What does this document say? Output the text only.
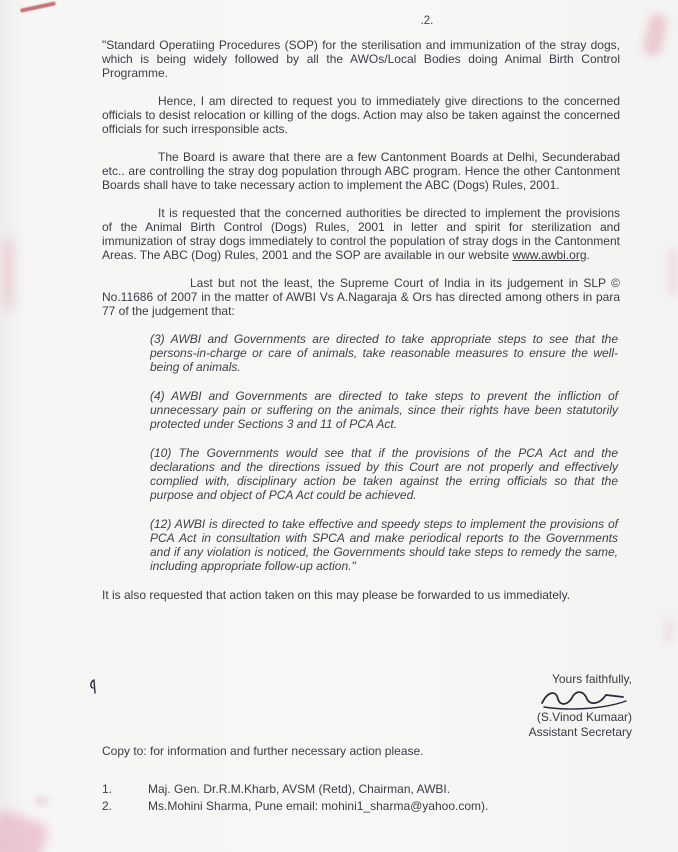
.2.

"Standard Operatiing Procedures (SOP) for the sterilisation and immunization of the stray dogs, which is being widely followed by all the AWOs/Local Bodies doing Animal Birth Control Programme.

Hence, I am directed to request you to immediately give directions to the concerned officials to desist relocation or killing of the dogs. Action may also be taken against the concerned officials for such irresponsible acts.

The Board is aware that there are a few Cantonment Boards at Delhi, Secunderabad etc.. are controlling the stray dog population through ABC program. Hence the other Cantonment Boards shall have to take necessary action to implement the ABC (Dogs) Rules, 2001.

It is requested that the concerned authorities be directed to implement the provisions of the Animal Birth Control (Dogs) Rules, 2001 in letter and spirit for sterilization and immunization of stray dogs immediately to control the population of stray dogs in the Cantonment Areas. The ABC (Dog) Rules, 2001 and the SOP are available in our website www.awbi.org.

Last but not the least, the Supreme Court of India in its judgement in SLP © No.11686 of 2007 in the matter of AWBI Vs A.Nagaraja & Ors has directed among others in para 77 of the judgement that:

(3) AWBI and Governments are directed to take appropriate steps to see that the persons-in-charge or care of animals, take reasonable measures to ensure the well-being of animals.
(4) AWBI and Governments are directed to take steps to prevent the infliction of unnecessary pain or suffering on the animals, since their rights have been statutorily protected under Sections 3 and 11 of PCA Act.
(10) The Governments would see that if the provisions of the PCA Act and the declarations and the directions issued by this Court are not properly and effectively complied with, disciplinary action be taken against the erring officials so that the purpose and object of PCA Act could be achieved.
(12) AWBI is directed to take effective and speedy steps to implement the provisions of PCA Act in consultation with SPCA and make periodical reports to the Governments and if any violation is noticed, the Governments should take steps to remedy the same, including appropriate follow-up action."

It is also requested that action taken on this may please be forwarded to us immediately.

Yours faithfully,
(S.Vinod Kumaar)
Assistant Secretary
Copy to: for information and further necessary action please.
1.	Maj. Gen. Dr.R.M.Kharb, AVSM (Retd), Chairman, AWBI.
2.	Ms.Mohini Sharma, Pune email: mohini1_sharma@yahoo.com).
